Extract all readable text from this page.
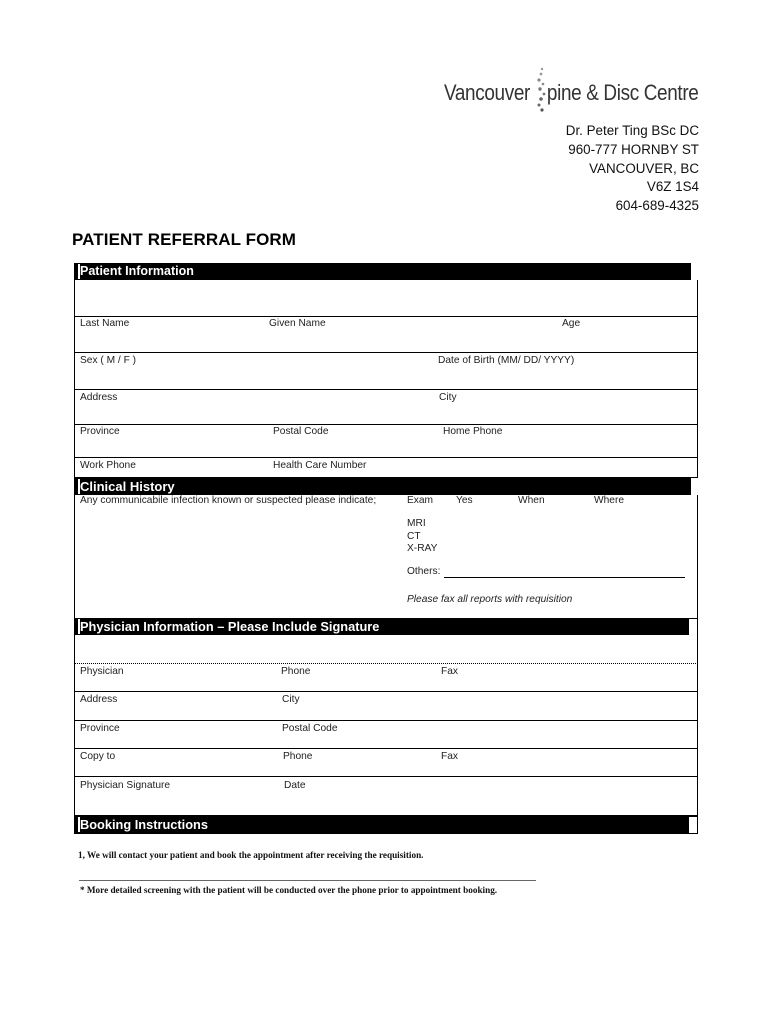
Vancouver pine & Disc Centre
Dr. Peter Ting BSc DC
960-777 HORNBY ST
VANCOUVER, BC
V6Z 1S4
604-689-4325
PATIENT REFERRAL FORM
Patient Information
Last Name	Given Name	Age
Sex ( M / F )	Date of Birth (MM/ DD/ YYYY)
Address	City
Province	Postal Code	Home Phone
Work Phone	Health Care Number
Clinical History
Any communicabile infection known or suspected please indicate;	Exam Yes	When	Where
MRI
CT
X-RAY
Others:
Please fax all reports with requisition
Physician Information – Please Include Signature
Physician	Phone	Fax
Address	City
Province	Postal Code
Copy to	Phone	Fax
Physician Signature	Date
Booking Instructions
1, We will contact your patient and book the appointment after receiving the requisition.
* More detailed screening with the patient will be conducted over the phone prior to appointment booking.
